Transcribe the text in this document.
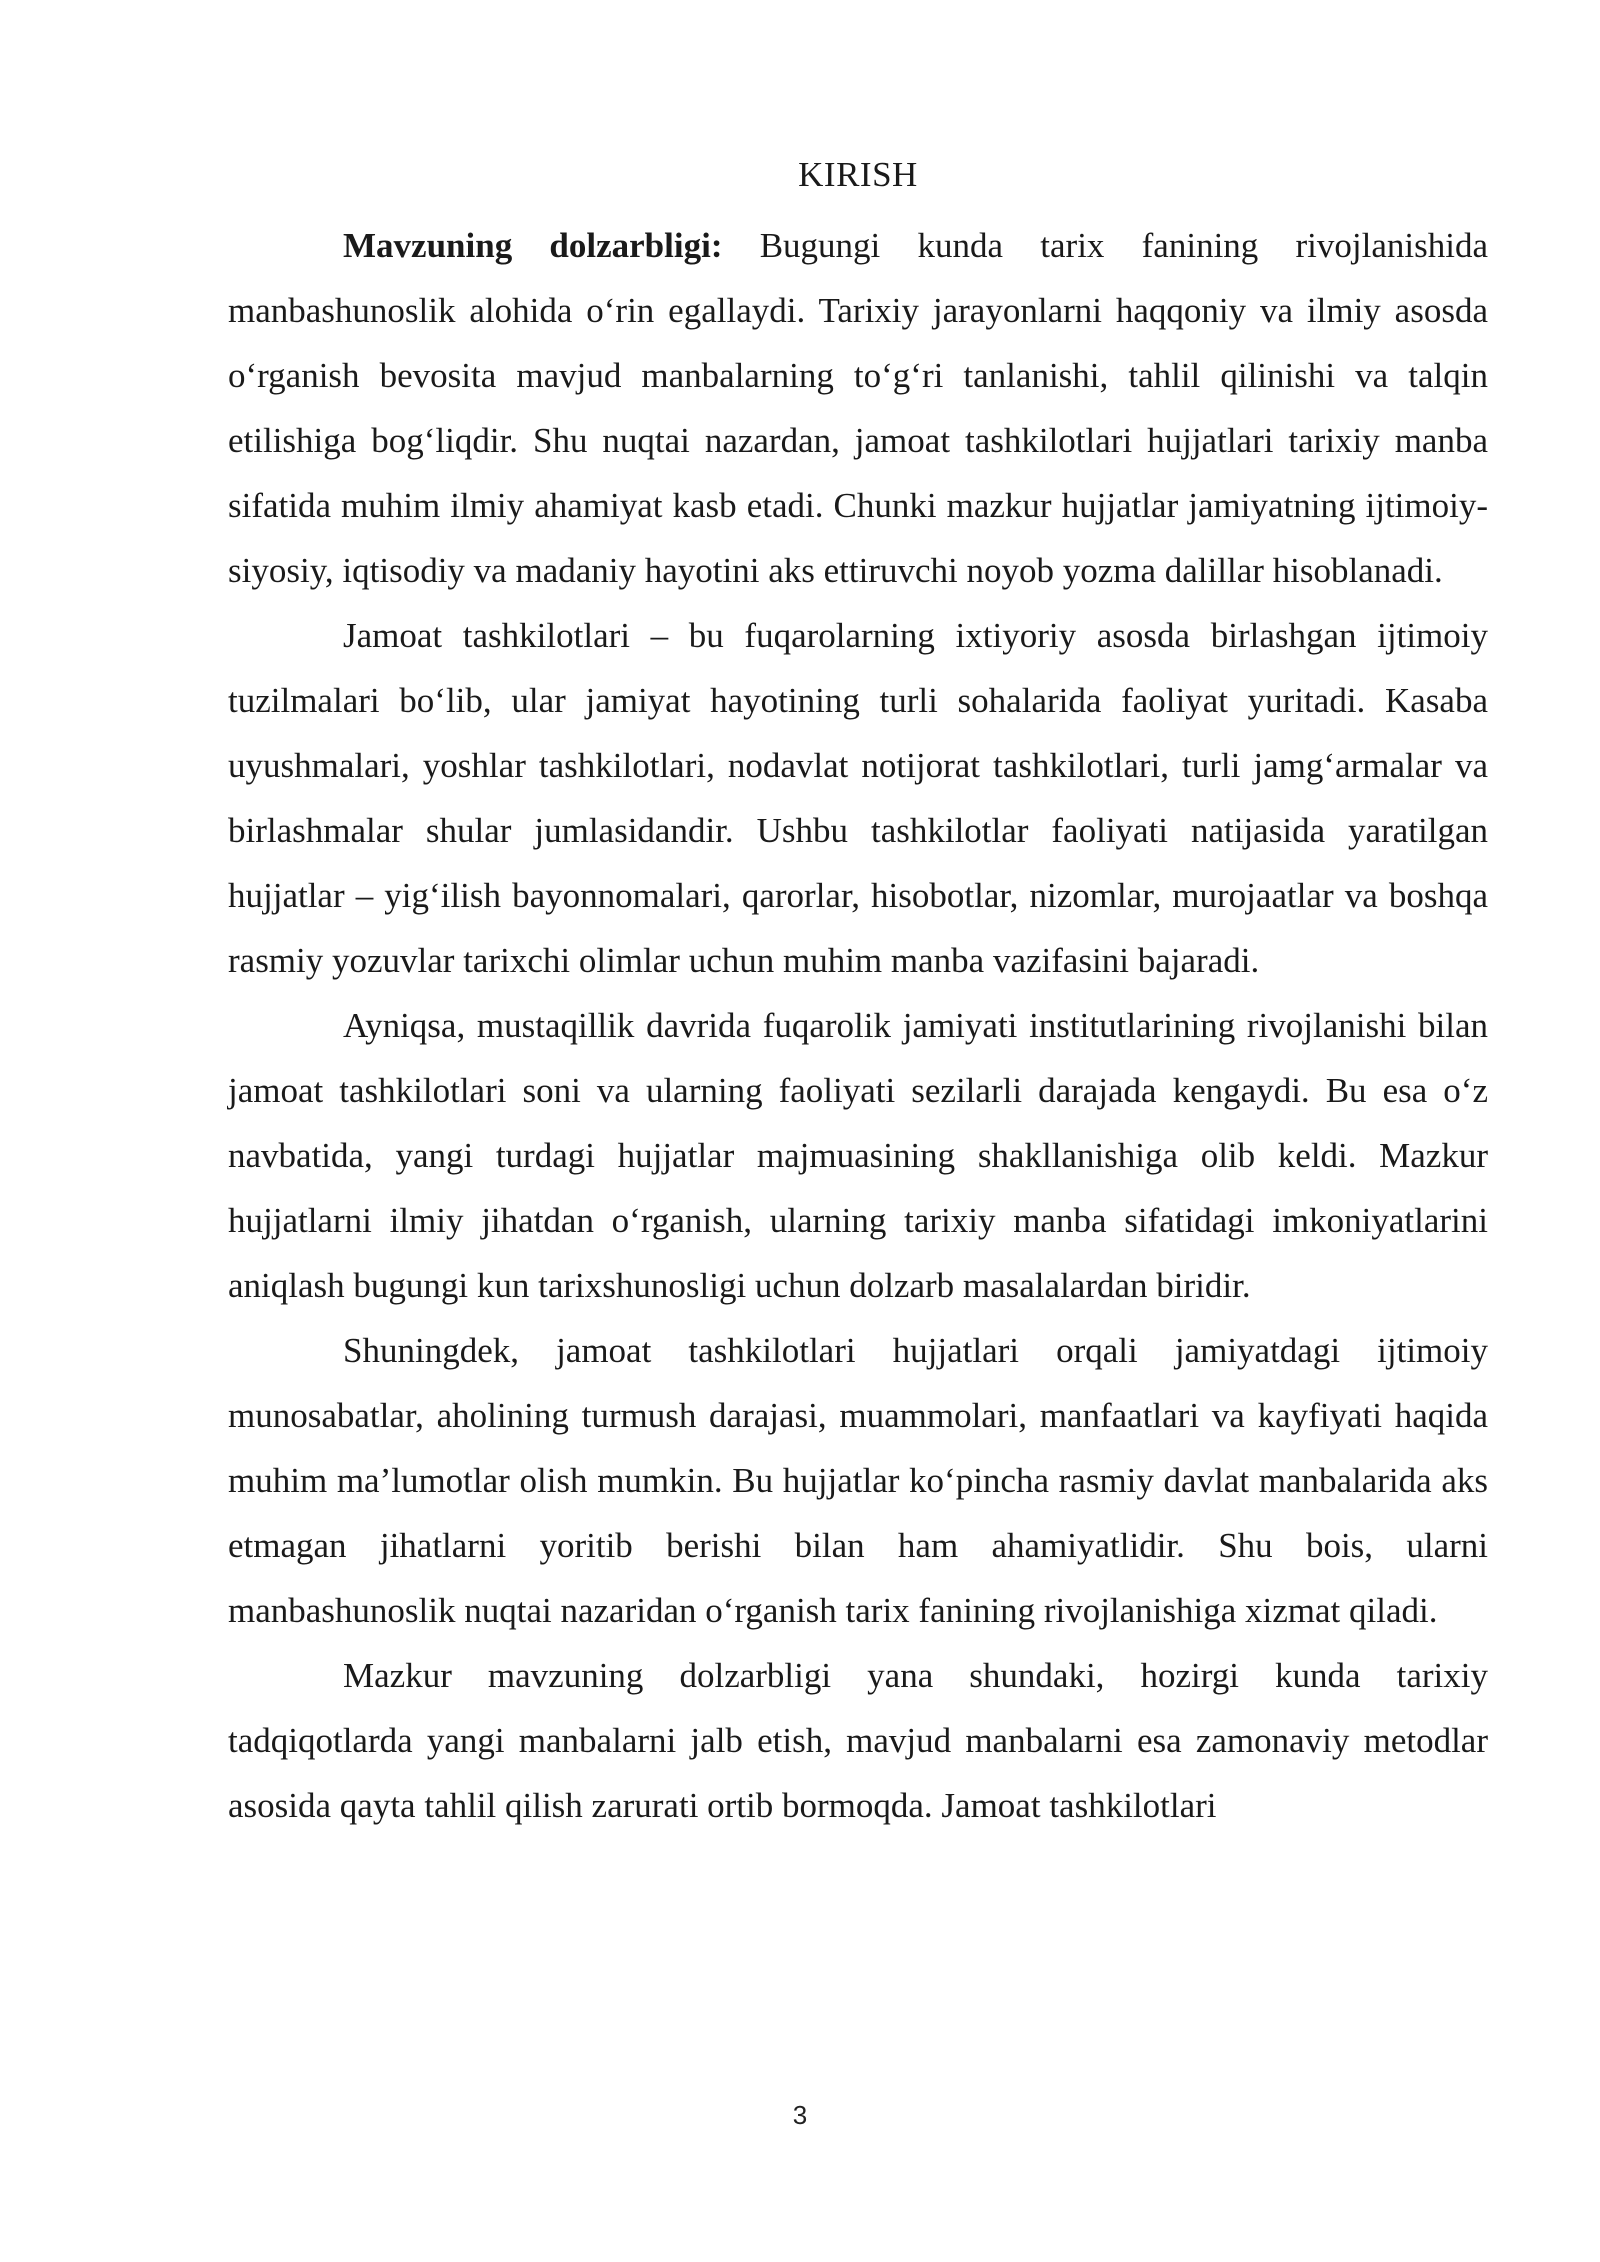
KIRISH

Mavzuning dolzarbligi: Bugungi kunda tarix fanining rivojlanishida manbashunoslik alohida o‘rin egallaydi. Tarixiy jarayonlarni haqqoniy va ilmiy asosda o‘rganish bevosita mavjud manbalarning to‘g‘ri tanlanishi, tahlil qilinishi va talqin etilishiga bog‘liqdir. Shu nuqtai nazardan, jamoat tashkilotlari hujjatlari tarixiy manba sifatida muhim ilmiy ahamiyat kasb etadi. Chunki mazkur hujjatlar jamiyatning ijtimoiy-siyosiy, iqtisodiy va madaniy hayotini aks ettiruvchi noyob yozma dalillar hisoblanadi.

Jamoat tashkilotlari – bu fuqarolarning ixtiyoriy asosda birlashgan ijtimoiy tuzilmalari bo‘lib, ular jamiyat hayotining turli sohalarida faoliyat yuritadi. Kasaba uyushmalari, yoshlar tashkilotlari, nodavlat notijorat tashkilotlari, turli jamg‘armalar va birlashmalar shular jumlasidandir. Ushbu tashkilotlar faoliyati natijasida yaratilgan hujjatlar – yig‘ilish bayonnomalari, qarorlar, hisobotlar, nizomlar, murojaatlar va boshqa rasmiy yozuvlar tarixchi olimlar uchun muhim manba vazifasini bajaradi.

Ayniqsa, mustaqillik davrida fuqarolik jamiyati institutlarining rivojlanishi bilan jamoat tashkilotlari soni va ularning faoliyati sezilarli darajada kengaydi. Bu esa o‘z navbatida, yangi turdagi hujjatlar majmuasining shakllanishiga olib keldi. Mazkur hujjatlarni ilmiy jihatdan o‘rganish, ularning tarixiy manba sifatidagi imkoniyatlarini aniqlash bugungi kun tarixshunosligi uchun dolzarb masalalardan biridir.

Shuningdek, jamoat tashkilotlari hujjatlari orqali jamiyatdagi ijtimoiy munosabatlar, aholining turmush darajasi, muammolari, manfaatlari va kayfiyati haqida muhim ma’lumotlar olish mumkin. Bu hujjatlar ko‘pincha rasmiy davlat manbalarida aks etmagan jihatlarni yoritib berishi bilan ham ahamiyatlidir. Shu bois, ularni manbashunoslik nuqtai nazaridan o‘rganish tarix fanining rivojlanishiga xizmat qiladi.

Mazkur mavzuning dolzarbligi yana shundaki, hozirgi kunda tarixiy tadqiqotlarda yangi manbalarni jalb etish, mavjud manbalarni esa zamonaviy metodlar asosida qayta tahlil qilish zarurati ortib bormoqda. Jamoat tashkilotlari

3
